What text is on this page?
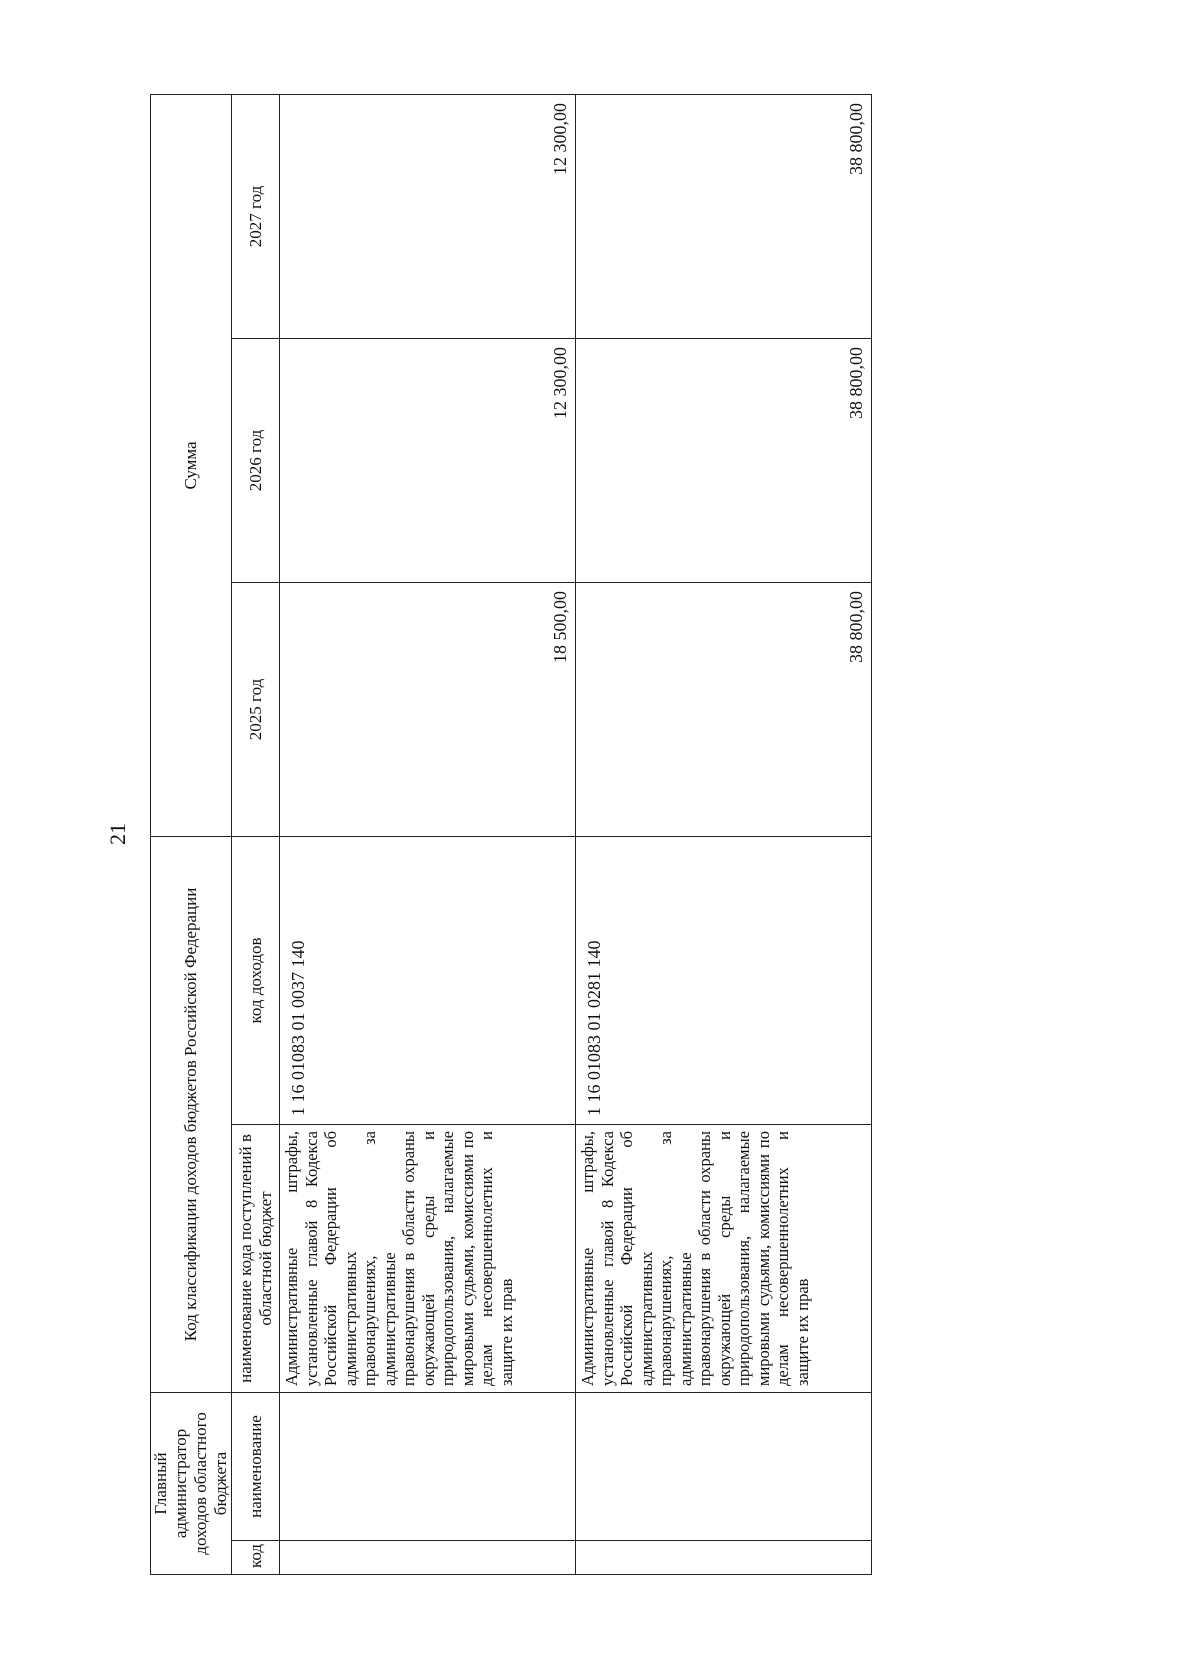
21
Главный администратор доходов областного бюджета		Код классификации доходов бюджетов Российской Федерации		Сумма		
код	наименование	наименование кода поступлений в областной бюджет	код доходов	2025 год	2026 год	2027 год
		Административные штрафы, установленные главой 8 Кодекса Российской Федерации об административных правонарушениях, за административные правонарушения в области охраны окружающей среды и природопользования, налагаемые мировыми судьями, комиссиями по делам несовершеннолетних и защите их прав	1 16 01083 01 0037 140	18 500,00	12 300,00	12 300,00
		Административные штрафы, установленные главой 8 Кодекса Российской Федерации об административных правонарушениях, за административные правонарушения в области охраны окружающей среды и природопользования, налагаемые мировыми судьями, комиссиями по делам несовершеннолетних и защите их прав	1 16 01083 01 0281 140	38 800,00	38 800,00	38 800,00
